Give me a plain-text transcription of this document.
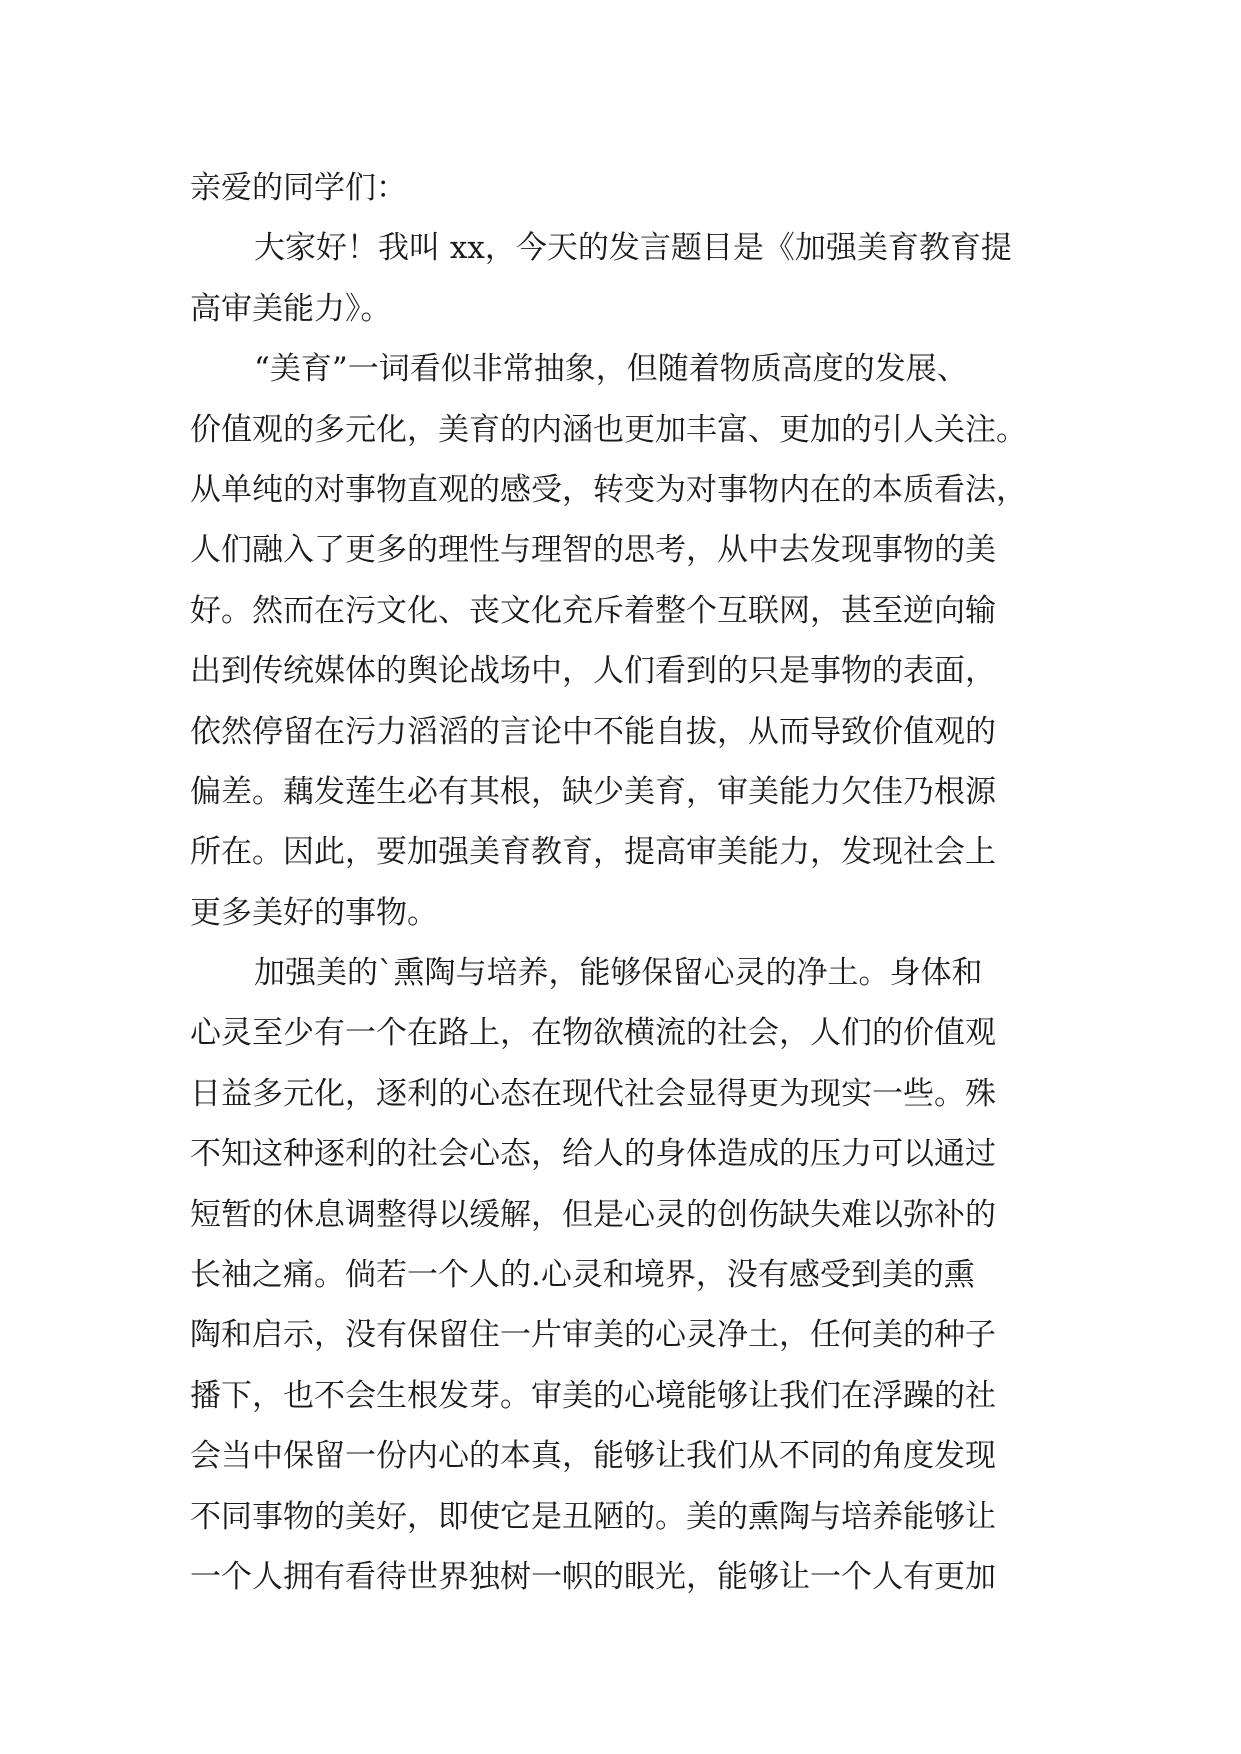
亲爱的同学们：
大家好！我叫 xx，今天的发言题目是《加强美育教育提
高审美能力》。
“美育”一词看似非常抽象，但随着物质高度的发展、
价值观的多元化，美育的内涵也更加丰富、更加的引人关注。
从单纯的对事物直观的感受，转变为对事物内在的本质看法，
人们融入了更多的理性与理智的思考，从中去发现事物的美
好。然而在污文化、丧文化充斥着整个互联网，甚至逆向输
出到传统媒体的舆论战场中，人们看到的只是事物的表面，
依然停留在污力滔滔的言论中不能自拔，从而导致价值观的
偏差。藕发莲生必有其根，缺少美育，审美能力欠佳乃根源
所在。因此，要加强美育教育，提高审美能力，发现社会上
更多美好的事物。
加强美的`熏陶与培养，能够保留心灵的净土。身体和
心灵至少有一个在路上，在物欲横流的社会，人们的价值观
日益多元化，逐利的心态在现代社会显得更为现实一些。殊
不知这种逐利的社会心态，给人的身体造成的压力可以通过
短暂的休息调整得以缓解，但是心灵的创伤缺失难以弥补的
长袖之痛。倘若一个人的.心灵和境界，没有感受到美的熏
陶和启示，没有保留住一片审美的心灵净土，任何美的种子
播下，也不会生根发芽。审美的心境能够让我们在浮躁的社
会当中保留一份内心的本真，能够让我们从不同的角度发现
不同事物的美好，即使它是丑陋的。美的熏陶与培养能够让
一个人拥有看待世界独树一帜的眼光，能够让一个人有更加
